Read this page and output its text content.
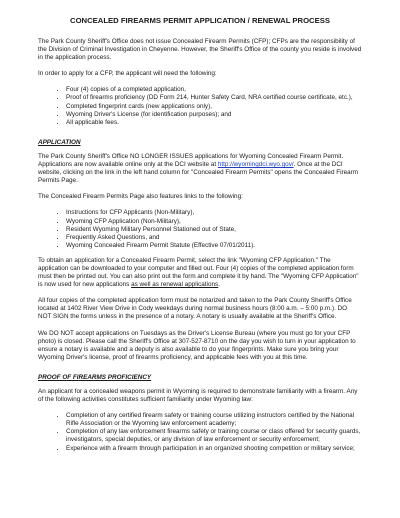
CONCEALED FIREARMS PERMIT APPLICATION / RENEWAL PROCESS

The Park County Sheriff's Office does not issue Concealed Firearm Permits (CFP); CFPs are the responsibility of the Division of Criminal Investigation in Cheyenne. However, the Sheriff's Office of the county you reside is involved in the application process.

In order to apply for a CFP, the applicant will need the following:

• Four (4) copies of a completed application,
• Proof of firearms proficiency (DD Form 214, Hunter Safety Card, NRA certified course certificate, etc.),
• Completed fingerprint cards (new applications only),
• Wyoming Driver's License (for identification purposes); and
• All applicable fees.
APPLICATION

The Park County Sheriff's Office NO LONGER ISSUES applications for Wyoming Concealed Firearm Permit. Applications are now available online only at the DCI website at http://wyomingdci.wyo.gov/. Once at the DCI website, clicking on the link in the left hand column for "Concealed Firearm Permits" opens the Concealed Firearm Permits Page.

The Concealed Firearm Permits Page also features links to the following:

• Instructions for CFP Applicants (Non-Military),
• Wyoming CFP Application (Non-Military),
• Resident Wyoming Military Personnel Stationed out of State,
• Frequently Asked Questions, and
• Wyoming Concealed Firearm Permit Statute (Effective 07/01/2011).

To obtain an application for a Concealed Firearm Permit, select the link "Wyoming CFP Application." The application can be downloaded to your computer and filled out. Four (4) copies of the completed application form must then be printed out. You can also print out the form and complete it by hand. The "Wyoming CFP Application" is now used for new applications as well as renewal applications.

All four copies of the completed application form must be notarized and taken to the Park County Sheriff's Office located at 1402 River View Drive in Cody weekdays during normal business hours (8:00 a.m. – 5:00 p.m.). DO NOT SIGN the forms unless in the presence of a notary. A notary is usually available at the Sheriff's Office.

We DO NOT accept applications on Tuesdays as the Driver's License Bureau (where you must go for your CFP photo) is closed. Please call the Sheriff's Office at 307-527-8710 on the day you wish to turn in your application to ensure a notary is available and a deputy is also available to do your fingerprints. Make sure you bring your Wyoming Driver's license, proof of firearms proficiency, and applicable fees with you at this time.

PROOF OF FIREARMS PROFICIENCY

An applicant for a concealed weapons permit in Wyoming is required to demonstrate familiarity with a firearm. Any of the following activities constitutes sufficient familiarity under Wyoming law:

• Completion of any certified firearm safety or training course utilizing instructors certified by the National Rifle Association or the Wyoming law enforcement academy;
• Completion of any law enforcement firearms safety or training course or class offered for security guards, investigators, special deputies, or any division of law enforcement or security enforcement;
• Experience with a firearm through participation in an organized shooting competition or military service;
